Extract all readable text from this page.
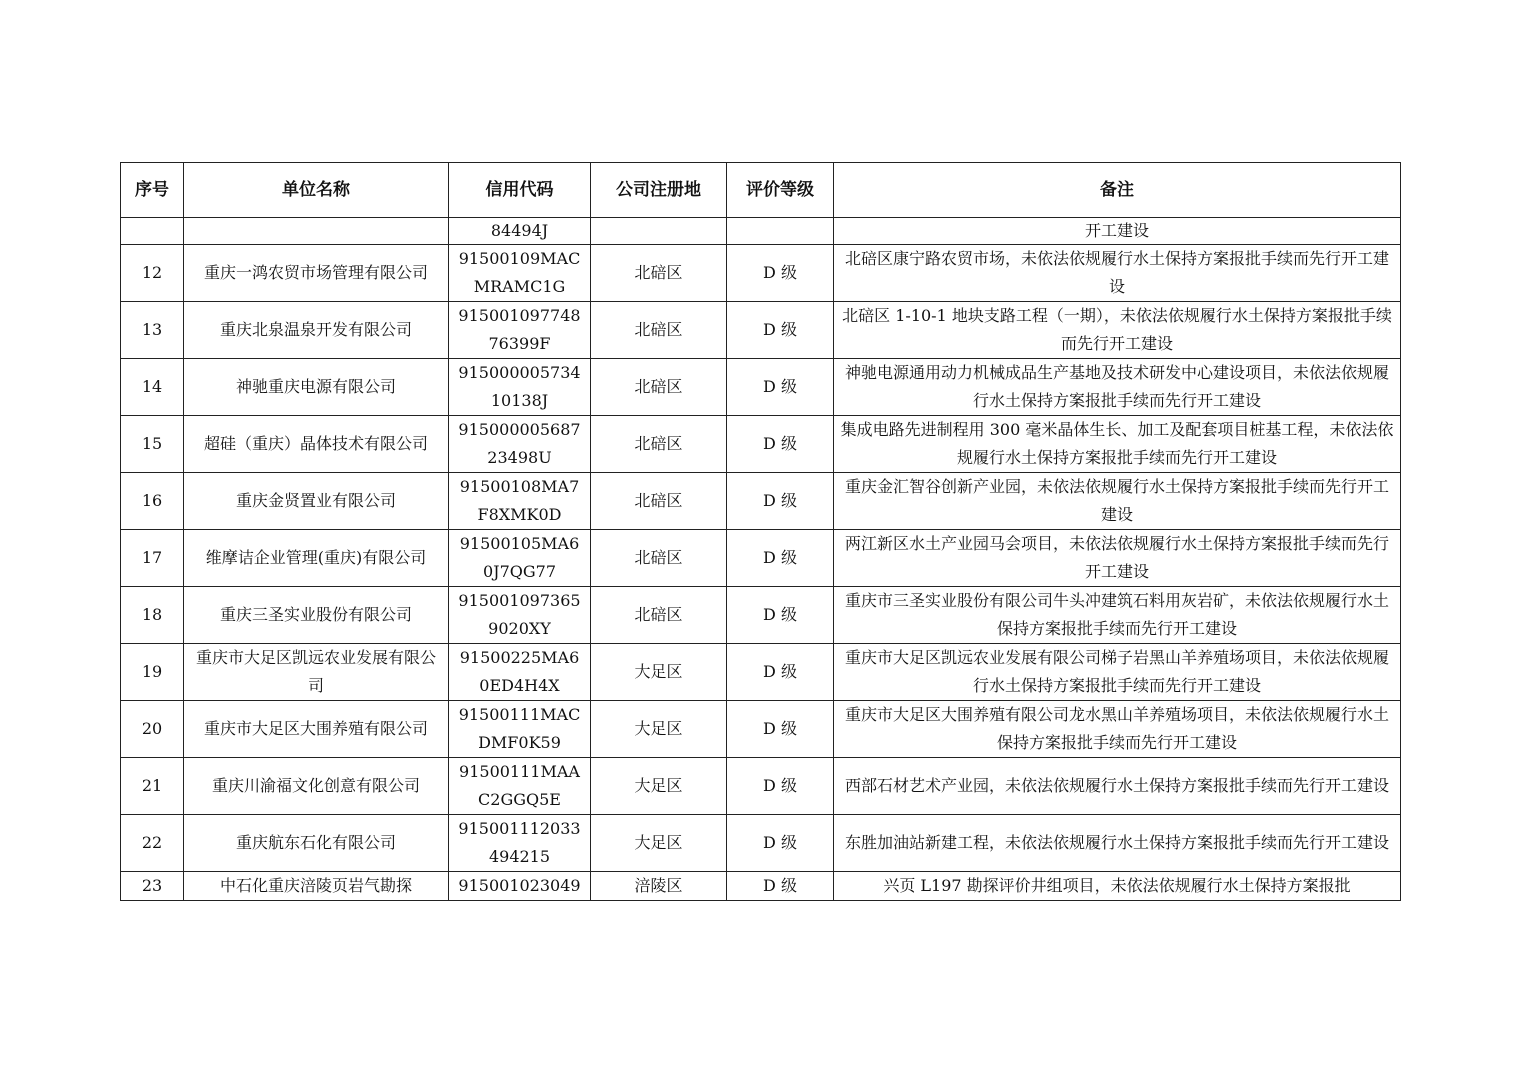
序号	单位名称	信用代码	公司注册地	评价等级	备注
		84494J			开工建设
12	重庆一鸿农贸市场管理有限公司	91500109MACMRAMC1G	北碚区	D 级	北碚区康宁路农贸市场，未依法依规履行水土保持方案报批手续而先行开工建设
13	重庆北泉温泉开发有限公司	91500109774876399F	北碚区	D 级	北碚区 1-10-1 地块支路工程（一期），未依法依规履行水土保持方案报批手续而先行开工建设
14	神驰重庆电源有限公司	91500000573410138J	北碚区	D 级	神驰电源通用动力机械成品生产基地及技术研发中心建设项目，未依法依规履行水土保持方案报批手续而先行开工建设
15	超硅（重庆）晶体技术有限公司	91500000568723498U	北碚区	D 级	集成电路先进制程用 300 毫米晶体生长、加工及配套项目桩基工程，未依法依规履行水土保持方案报批手续而先行开工建设
16	重庆金贤置业有限公司	91500108MA7F8XMK0D	北碚区	D 级	重庆金汇智谷创新产业园，未依法依规履行水土保持方案报批手续而先行开工建设
17	维摩诘企业管理(重庆)有限公司	91500105MA60J7QG77	北碚区	D 级	两江新区水土产业园马会项目，未依法依规履行水土保持方案报批手续而先行开工建设
18	重庆三圣实业股份有限公司	915001097365 9020XY	北碚区	D 级	重庆市三圣实业股份有限公司牛头冲建筑石料用灰岩矿，未依法依规履行水土保持方案报批手续而先行开工建设
19	重庆市大足区凯远农业发展有限公司	91500225MA60ED4H4X	大足区	D 级	重庆市大足区凯远农业发展有限公司梯子岩黑山羊养殖场项目，未依法依规履行水土保持方案报批手续而先行开工建设
20	重庆市大足区大围养殖有限公司	91500111MACDMF0K59	大足区	D 级	重庆市大足区大围养殖有限公司龙水黑山羊养殖场项目，未依法依规履行水土保持方案报批手续而先行开工建设
21	重庆川渝福文化创意有限公司	91500111MAAC2GGQ5E	大足区	D 级	西部石材艺术产业园，未依法依规履行水土保持方案报批手续而先行开工建设
22	重庆航东石化有限公司	915001112033494215	大足区	D 级	东胜加油站新建工程，未依法依规履行水土保持方案报批手续而先行开工建设
23	中石化重庆涪陵页岩气勘探	915001023049	涪陵区	D 级	兴页 L197 勘探评价井组项目，未依法依规履行水土保持方案报批
